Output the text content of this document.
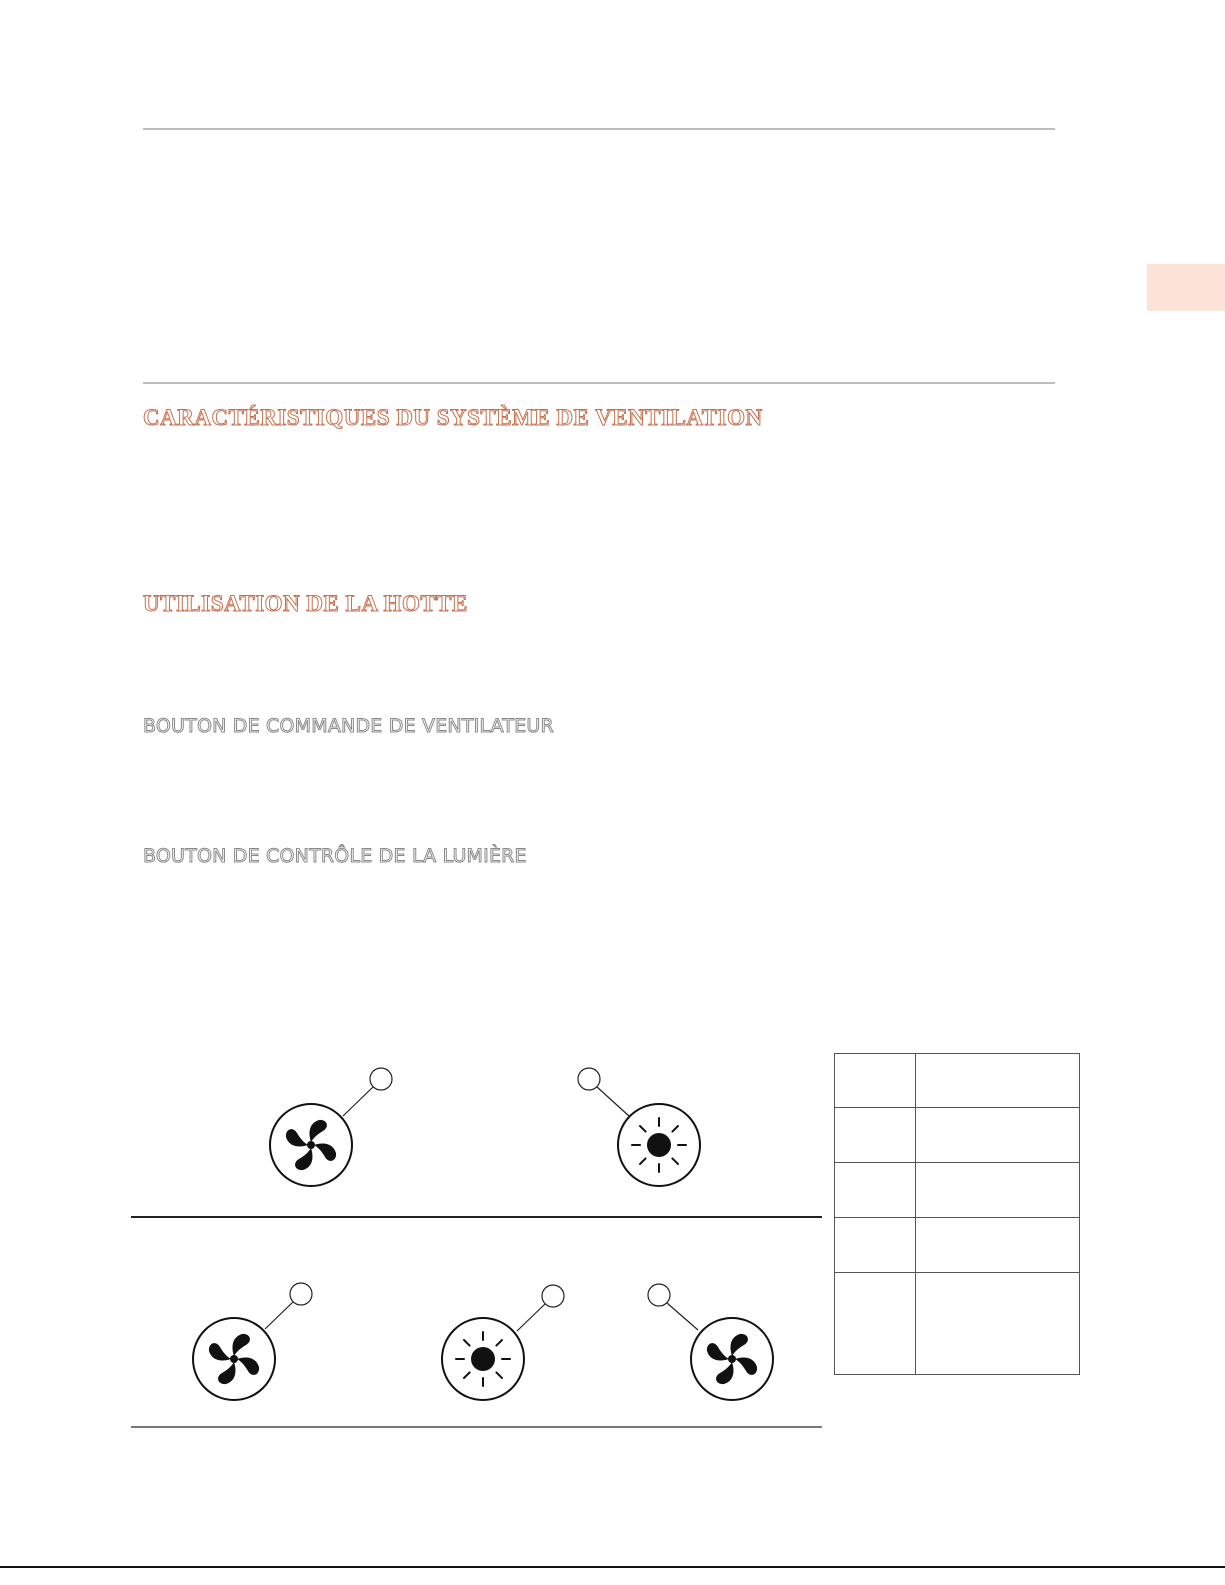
CARACTÉRISTIQUES DU SYSTÈME DE VENTILATION
UTILISATION DE LA HOTTE
BOUTON DE COMMANDE DE VENTILATEUR
BOUTON DE CONTRÔLE DE LA LUMIÈRE
